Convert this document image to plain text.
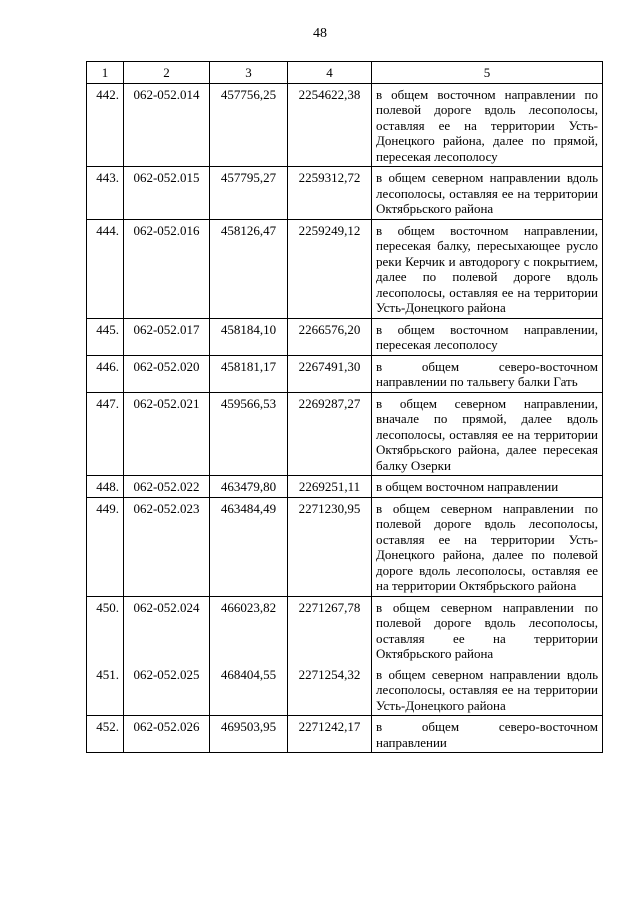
48
1	2	3	4	5
442.	062-052.014	457756,25	2254622,38	в общем восточном направлении по полевой дороге вдоль лесополосы, оставляя ее на территории Усть-Донецкого района, далее по прямой, пересекая лесополосу
443.	062-052.015	457795,27	2259312,72	в общем северном направлении вдоль лесополосы, оставляя ее на территории Октябрьского района
444.	062-052.016	458126,47	2259249,12	в общем восточном направлении, пересекая балку, пересыхающее русло реки Керчик и автодорогу с покрытием, далее по полевой дороге вдоль лесополосы, оставляя ее на территории Усть-Донецкого района
445.	062-052.017	458184,10	2266576,20	в общем восточном направлении, пересекая лесополосу
446.	062-052.020	458181,17	2267491,30	в общем северо-восточном направлении по тальвегу балки Гать
447.	062-052.021	459566,53	2269287,27	в общем северном направлении, вначале по прямой, далее вдоль лесополосы, оставляя ее на территории Октябрьского района, далее пересекая балку Озерки
448.	062-052.022	463479,80	2269251,11	в общем восточном направлении
449.	062-052.023	463484,49	2271230,95	в общем северном направлении по полевой дороге вдоль лесополосы, оставляя ее на территории Усть-Донецкого района, далее по полевой дороге вдоль лесополосы, оставляя ее на территории Октябрьского района
450.	062-052.024	466023,82	2271267,78	в общем северном направлении по полевой дороге вдоль лесополосы, оставляя ее на территории Октябрьского района
451.	062-052.025	468404,55	2271254,32	в общем северном направлении вдоль лесополосы, оставляя ее на территории Усть-Донецкого района
452.	062-052.026	469503,95	2271242,17	в общем северо-восточном направлении
